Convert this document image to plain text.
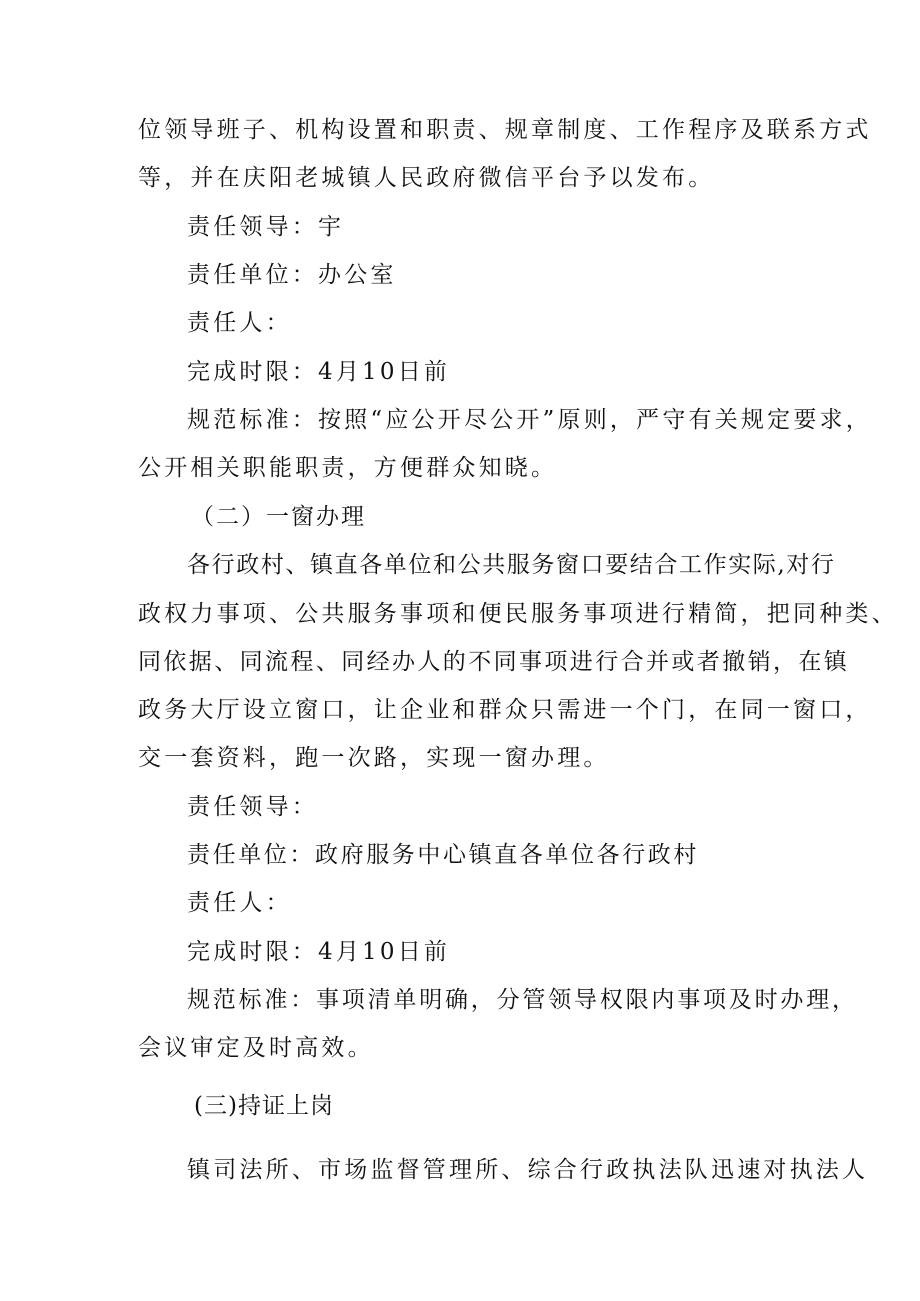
位领导班子、机构设置和职责、规章制度、工作程序及联系方式
等，并在庆阳老城镇人民政府微信平台予以发布。
责任领导：宇
责任单位：办公室
责任人：
完成时限：4月10日前
规范标准：按照“应公开尽公开”原则，严守有关规定要求，
公开相关职能职责，方便群众知晓。
（二）一窗办理
各行政村、镇直各单位和公共服务窗口要结合工作实际,对行
政权力事项、公共服务事项和便民服务事项进行精简，把同种类、
同依据、同流程、同经办人的不同事项进行合并或者撤销，在镇
政务大厅设立窗口，让企业和群众只需进一个门，在同一窗口，
交一套资料，跑一次路，实现一窗办理。
责任领导：
责任单位：政府服务中心镇直各单位各行政村
责任人：
完成时限：4月10日前
规范标准：事项清单明确，分管领导权限内事项及时办理，
会议审定及时高效。
(三)持证上岗
镇司法所、市场监督管理所、综合行政执法队迅速对执法人
